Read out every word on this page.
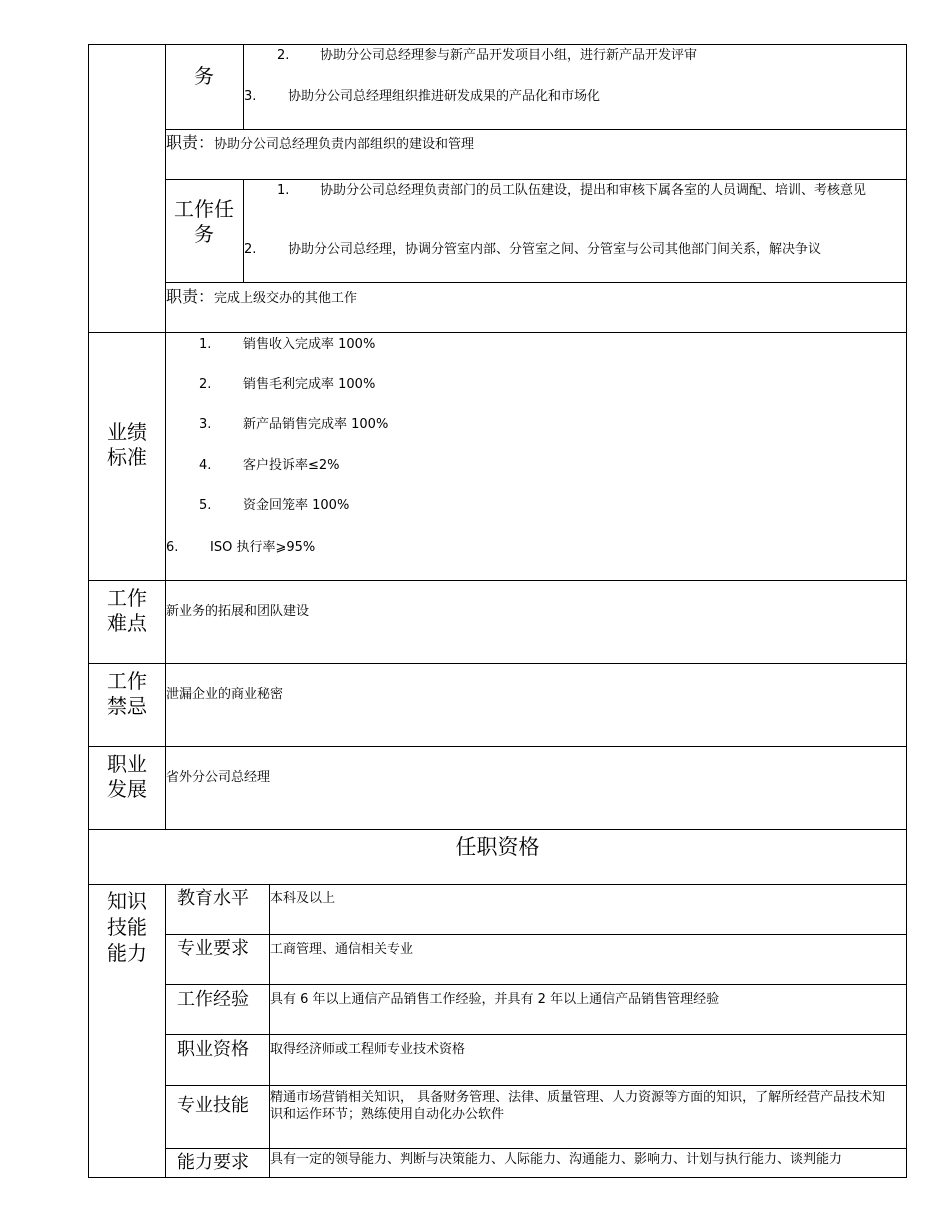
务
2. 协助分公司总经理参与新产品开发项目小组，进行新产品开发评审
3. 协助分公司总经理组织推进研发成果的产品化和市场化
职责：协助分公司总经理负责内部组织的建设和管理
工作任务
1.	协助分公司总经理负责部门的员工队伍建设，提出和审核下属各室的人员调配、培训、考核意见
2. 协助分公司总经理，协调分管室内部、分管室之间、分管室与公司其他部门间关系，解决争议
职责：完成上级交办的其他工作
业绩标准
1. 销售收入完成率 100%
2. 销售毛利完成率 100%
3. 新产品销售完成率 100%
4. 客户投诉率≤2%
5. 资金回笼率 100%
6. ISO 执行率⩾95%
工作难点	新业务的拓展和团队建设
工作禁忌	泄漏企业的商业秘密
职业发展	省外分公司总经理
任职资格
知识技能能力
教育水平 本科及以上
专业要求 工商管理、通信相关专业
工作经验 具有 6 年以上通信产品销售工作经验，并具有 2 年以上通信产品销售管理经验
职业资格 取得经济师或工程师专业技术资格
专业技能 精通市场营销相关知识， 具备财务管理、法律、质量管理、人力资源等方面的知识，了解所经营产品技术知识和运作环节；熟练使用自动化办公软件
能力要求 具有一定的领导能力、判断与决策能力、人际能力、沟通能力、影响力、计划与执行能力、谈判能力
